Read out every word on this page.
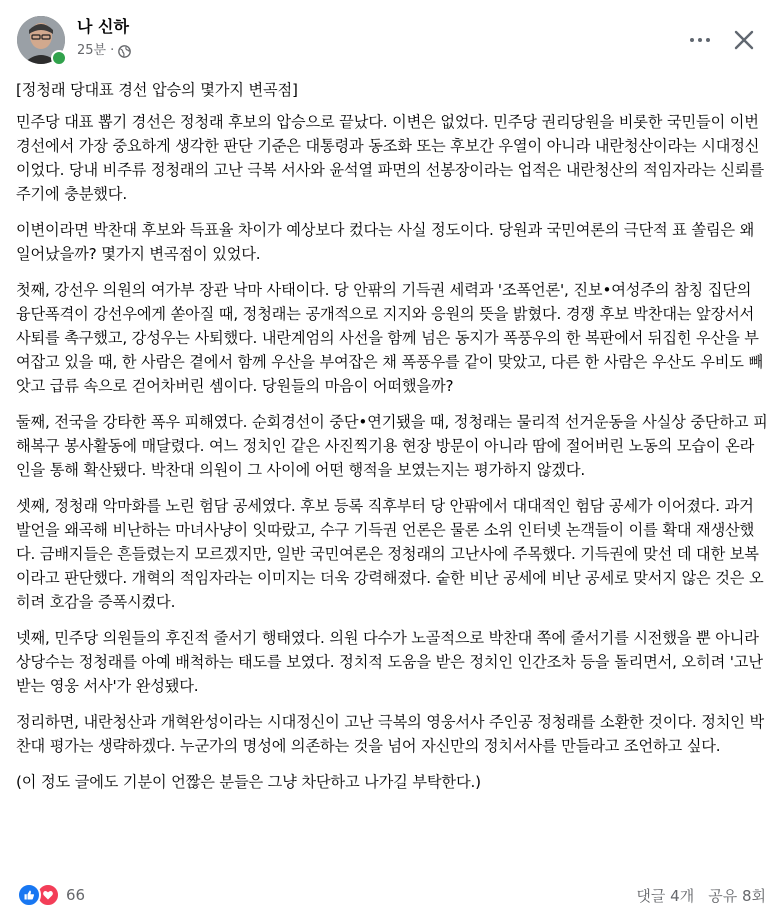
나 신하
25분 ·

[정청래 당대표 경선 압승의 몇가지 변곡점]

민주당 대표 뽑기 경선은 정청래 후보의 압승으로 끝났다. 이변은 없었다. 민주당 권리당원을 비롯한 국민들이 이번 경선에서 가장 중요하게 생각한 판단 기준은 대통령과 동조화 또는 후보간 우열이 아니라 내란청산이라는 시대정신이었다. 당내 비주류 정청래의 고난 극복 서사와 윤석열 파면의 선봉장이라는 업적은 내란청산의 적임자라는 신뢰를 주기에 충분했다.

이변이라면 박찬대 후보와 득표율 차이가 예상보다 컸다는 사실 정도이다. 당원과 국민여론의 극단적 표 쏠림은 왜 일어났을까? 몇가지 변곡점이 있었다.

첫째, 강선우 의원의 여가부 장관 낙마 사태이다. 당 안팎의 기득권 세력과 '조폭언론', 진보•여성주의 참칭 집단의 융단폭격이 강선우에게 쏟아질 때, 정청래는 공개적으로 지지와 응원의 뜻을 밝혔다. 경쟁 후보 박찬대는 앞장서서 사퇴를 촉구했고, 강성우는 사퇴했다. 내란계엄의 사선을 함께 넘은 동지가 폭풍우의 한 복판에서 뒤집힌 우산을 부여잡고 있을 때, 한 사람은 곁에서 함께 우산을 부여잡은 채 폭풍우를 같이 맞았고, 다른 한 사람은 우산도 우비도 빼앗고 급류 속으로 걷어차버린 셈이다. 당원들의 마음이 어떠했을까?

둘째, 전국을 강타한 폭우 피해였다. 순회경선이 중단•연기됐을 때, 정청래는 물리적 선거운동을 사실상 중단하고 피해복구 봉사활동에 매달렸다. 여느 정치인 같은 사진찍기용 현장 방문이 아니라 땀에 절어버린 노동의 모습이 온라인을 통해 확산됐다. 박찬대 의원이 그 사이에 어떤 행적을 보였는지는 평가하지 않겠다.

셋째, 정청래 악마화를 노린 험담 공세였다. 후보 등록 직후부터 당 안팎에서 대대적인 험담 공세가 이어졌다. 과거 발언을 왜곡해 비난하는 마녀사냥이 잇따랐고, 수구 기득권 언론은 물론 소위 인터넷 논객들이 이를 확대 재생산했다. 금배지들은 흔들렸는지 모르겠지만, 일반 국민여론은 정청래의 고난사에 주목했다. 기득권에 맞선 데 대한 보복이라고 판단했다. 개혁의 적임자라는 이미지는 더욱 강력해졌다. 숱한 비난 공세에 비난 공세로 맞서지 않은 것은 오히려 호감을 증폭시켰다.

넷째, 민주당 의원들의 후진적 줄서기 행태였다. 의원 다수가 노골적으로 박찬대 쪽에 줄서기를 시전했을 뿐 아니라 상당수는 정청래를 아예 배척하는 태도를 보였다. 정치적 도움을 받은 정치인 인간조차 등을 돌리면서, 오히려 '고난 받는 영웅 서사'가 완성됐다.

정리하면, 내란청산과 개혁완성이라는 시대정신이 고난 극복의 영웅서사 주인공 정청래를 소환한 것이다. 정치인 박찬대 평가는 생략하겠다. 누군가의 명성에 의존하는 것을 넘어 자신만의 정치서사를 만들라고 조언하고 싶다.

(이 정도 글에도 기분이 언짢은 분들은 그냥 차단하고 나가길 부탁한다.)

66	댓글 4개 공유 8회
